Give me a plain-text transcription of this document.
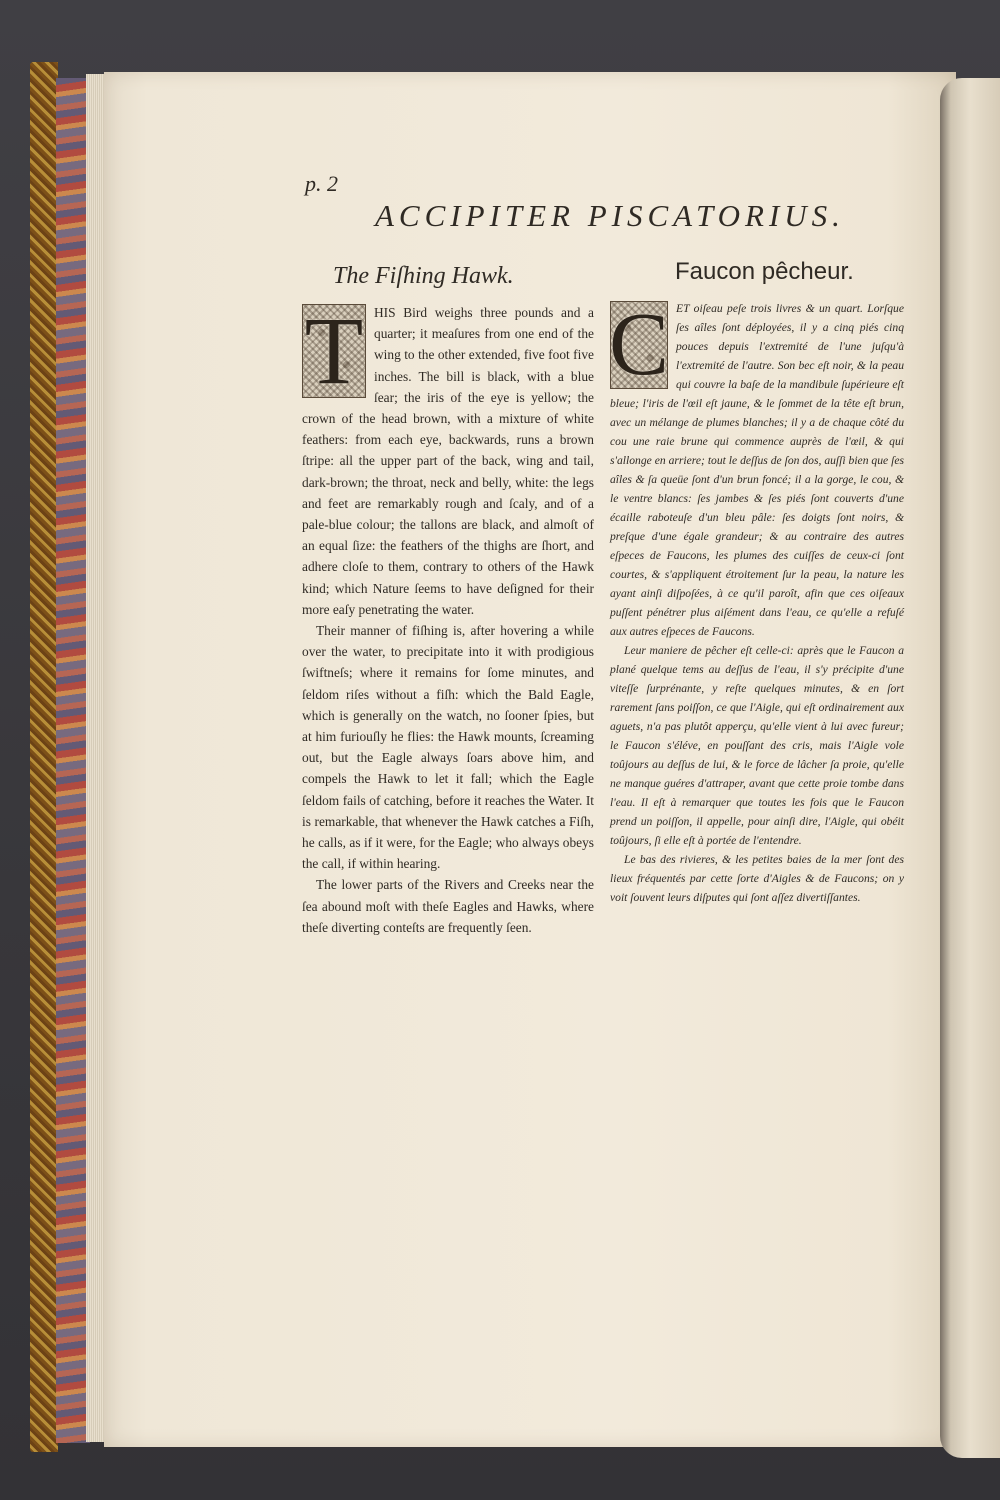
p. 2

ACCIPITER PISCATORIUS.
The Fiſhing Hawk.	Faucon pêcheur.
T HIS Bird weighs three pounds and a quarter; it meaſures from one end of the wing to the other extended, five foot five inches. The bill is black, with a blue ſear; the iris of the eye is yellow; the crown of the head brown, with a mixture of white feathers: from each eye, backwards, runs a brown ſtripe: all the upper part of the back, wing and tail, dark-brown; the throat, neck and belly, white: the legs and feet are remarkably rough and ſcaly, and of a pale-blue colour; the tallons are black, and almoſt of an equal ſize: the feathers of the thighs are ſhort, and adhere cloſe to them, contrary to others of the Hawk kind; which Nature ſeems to have deſigned for their more eaſy penetrating the water.

Their manner of fiſhing is, after hovering a while over the water, to precipitate into it with prodigious ſwiftneſs; where it remains for ſome minutes, and ſeldom riſes without a fiſh: which the Bald Eagle, which is generally on the watch, no ſooner ſpies, but at him furiouſly he flies: the Hawk mounts, ſcreaming out, but the Eagle always ſoars above him, and compels the Hawk to let it fall; which the Eagle ſeldom fails of catching, before it reaches the Water. It is remarkable, that whenever the Hawk catches a Fiſh, he calls, as if it were, for the Eagle; who always obeys the call, if within hearing.

The lower parts of the Rivers and Creeks near the ſea abound moſt with theſe Eagles and Hawks, where theſe diverting conteſts are frequently ſeen.

C ET oiſeau peſe trois livres & un quart. Lorſque ſes aîles ſont déployées, il y a cinq piés cinq pouces depuis l'extremité de l'une juſqu'à l'extremité de l'autre. Son bec eſt noir, & la peau qui couvre la baſe de la mandibule ſupérieure eſt bleue; l'iris de l'œil eſt jaune, & le ſommet de la tête eſt brun, avec un mélange de plumes blanches; il y a de chaque côté du cou une raie brune qui commence auprès de l'œil, & qui s'allonge en arriere; tout le deſſus de ſon dos, auſſi bien que ſes aîles & ſa queüe ſont d'un brun foncé; il a la gorge, le cou, & le ventre blancs: ſes jambes & ſes piés ſont couverts d'une écaille raboteuſe d'un bleu pâle: ſes doigts ſont noirs, & preſque d'une égale grandeur; & au contraire des autres eſpeces de Faucons, les plumes des cuiſſes de ceux-ci ſont courtes, & s'appliquent étroitement ſur la peau, la nature les ayant ainſi diſpoſées, à ce qu'il paroît, afin que ces oiſeaux puſſent pénétrer plus aiſément dans l'eau, ce qu'elle a refuſé aux autres eſpeces de Faucons.

Leur maniere de pêcher eſt celle-ci: après que le Faucon a plané quelque tems au deſſus de l'eau, il s'y précipite d'une viteſſe ſurprénante, y reſte quelques minutes, & en ſort rarement ſans poiſſon, ce que l'Aigle, qui eſt ordinairement aux aguets, n'a pas plutôt apperçu, qu'elle vient à lui avec fureur; le Faucon s'éléve, en pouſſant des cris, mais l'Aigle vole toûjours au deſſus de lui, & le force de lâcher ſa proie, qu'elle ne manque guéres d'attraper, avant que cette proie tombe dans l'eau. Il eſt à remarquer que toutes les fois que le Faucon prend un poiſſon, il appelle, pour ainſi dire, l'Aigle, qui obéit toûjours, ſi elle eſt à portée de l'entendre.

Le bas des rivieres, & les petites baies de la mer ſont des lieux fréquentés par cette ſorte d'Aigles & de Faucons; on y voit ſouvent leurs diſputes qui ſont aſſez divertiſſantes.
